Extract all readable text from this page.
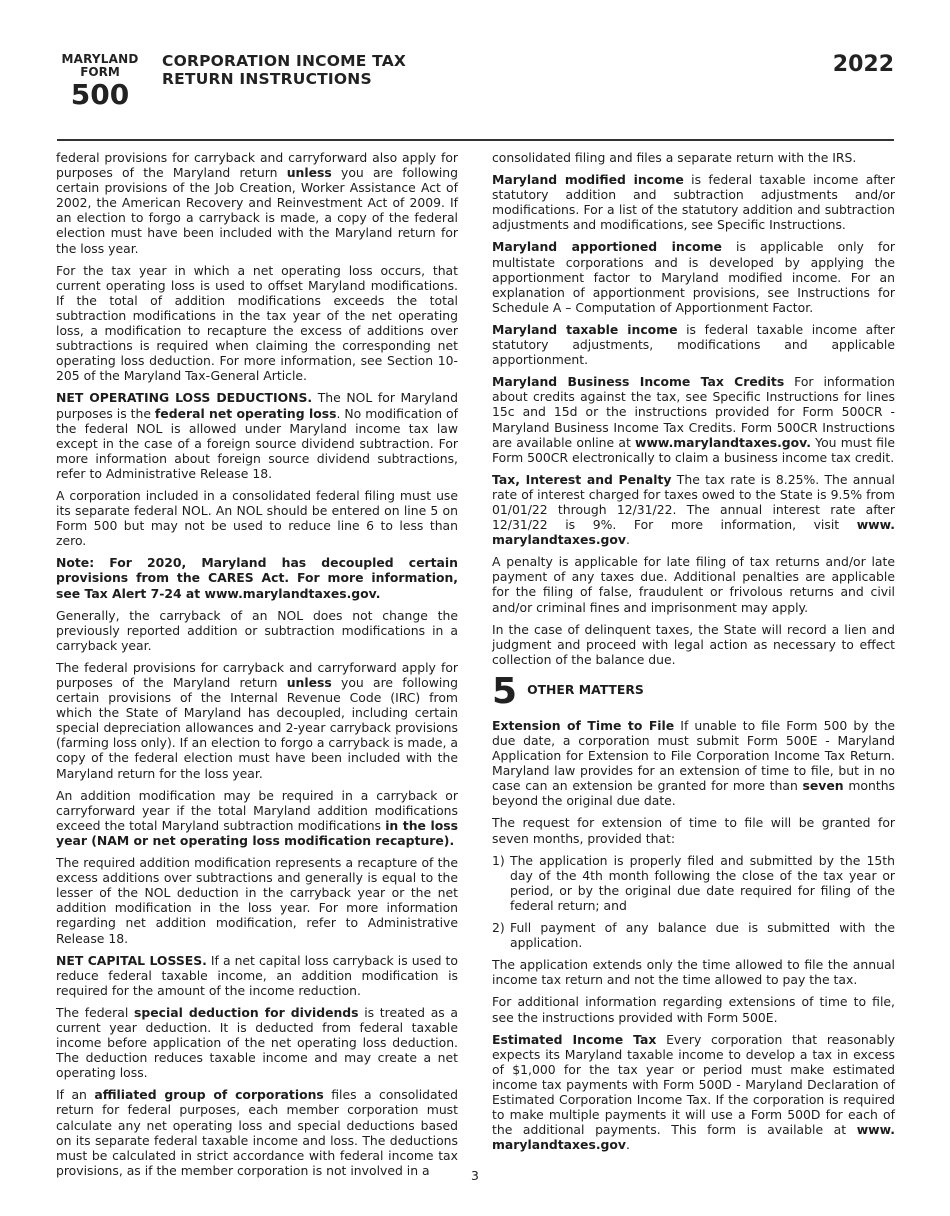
MARYLAND
FORM
500
CORPORATION INCOME TAX
RETURN INSTRUCTIONS
2022

federal provisions for carryback and carryforward also apply for purposes of the Maryland return unless you are following certain provisions of the Job Creation, Worker Assistance Act of 2002, the American Recovery and Reinvestment Act of 2009. If an election to forgo a carryback is made, a copy of the federal election must have been included with the Maryland return for the loss year.

For the tax year in which a net operating loss occurs, that current operating loss is used to offset Maryland modifications. If the total of addition modifications exceeds the total subtraction modifications in the tax year of the net operating loss, a modification to recapture the excess of additions over subtractions is required when claiming the corresponding net operating loss deduction. For more information, see Section 10-205 of the Maryland Tax-General Article.

NET OPERATING LOSS DEDUCTIONS. The NOL for Maryland purposes is the federal net operating loss. No modification of the federal NOL is allowed under Maryland income tax law except in the case of a foreign source dividend subtraction. For more information about foreign source dividend subtractions, refer to Administrative Release 18.

A corporation included in a consolidated federal filing must use its separate federal NOL. An NOL should be entered on line 5 on Form 500 but may not be used to reduce line 6 to less than zero.

Note: For 2020, Maryland has decoupled certain provisions from the CARES Act. For more information, see Tax Alert 7-24 at www.marylandtaxes.gov.

Generally, the carryback of an NOL does not change the previously reported addition or subtraction modifications in a carryback year.

The federal provisions for carryback and carryforward apply for purposes of the Maryland return unless you are following certain provisions of the Internal Revenue Code (IRC) from which the State of Maryland has decoupled, including certain special depreciation allowances and 2-year carryback provisions (farming loss only). If an election to forgo a carryback is made, a copy of the federal election must have been included with the Maryland return for the loss year.

An addition modification may be required in a carryback or carryforward year if the total Maryland addition modifications exceed the total Maryland subtraction modifications in the loss year (NAM or net operating loss modification recapture).

The required addition modification represents a recapture of the excess additions over subtractions and generally is equal to the lesser of the NOL deduction in the carryback year or the net addition modification in the loss year. For more information regarding net addition modification, refer to Administrative Release 18.

NET CAPITAL LOSSES. If a net capital loss carryback is used to reduce federal taxable income, an addition modification is required for the amount of the income reduction.

The federal special deduction for dividends is treated as a current year deduction. It is deducted from federal taxable income before application of the net operating loss deduction. The deduction reduces taxable income and may create a net operating loss.

If an affiliated group of corporations files a consolidated return for federal purposes, each member corporation must calculate any net operating loss and special deductions based on its separate federal taxable income and loss. The deductions must be calculated in strict accordance with federal income tax provisions, as if the member corporation is not involved in a

consolidated filing and files a separate return with the IRS.

Maryland modified income is federal taxable income after statutory addition and subtraction adjustments and/or modifications. For a list of the statutory addition and subtraction adjustments and modifications, see Specific Instructions.

Maryland apportioned income is applicable only for multistate corporations and is developed by applying the apportionment factor to Maryland modified income. For an explanation of apportionment provisions, see Instructions for Schedule A – Computation of Apportionment Factor.

Maryland taxable income is federal taxable income after statutory adjustments, modifications and applicable apportionment.

Maryland Business Income Tax Credits For information about credits against the tax, see Specific Instructions for lines 15c and 15d or the instructions provided for Form 500CR - Maryland Business Income Tax Credits. Form 500CR Instructions are available online at www.marylandtaxes.gov. You must file Form 500CR electronically to claim a business income tax credit.

Tax, Interest and Penalty The tax rate is 8.25%. The annual rate of interest charged for taxes owed to the State is 9.5% from 01/01/22 through 12/31/22. The annual interest rate after 12/31/22 is 9%. For more information, visit www. marylandtaxes.gov.

A penalty is applicable for late filing of tax returns and/or late payment of any taxes due. Additional penalties are applicable for the filing of false, fraudulent or frivolous returns and civil and/or criminal fines and imprisonment may apply.

In the case of delinquent taxes, the State will record a lien and judgment and proceed with legal action as necessary to effect collection of the balance due.

5 OTHER MATTERS

Extension of Time to File If unable to file Form 500 by the due date, a corporation must submit Form 500E - Maryland Application for Extension to File Corporation Income Tax Return. Maryland law provides for an extension of time to file, but in no case can an extension be granted for more than seven months beyond the original due date.

The request for extension of time to file will be granted for seven months, provided that:

1) The application is properly filed and submitted by the 15th day of the 4th month following the close of the tax year or period, or by the original due date required for filing of the federal return; and
2) Full payment of any balance due is submitted with the application.

The application extends only the time allowed to file the annual income tax return and not the time allowed to pay the tax.

For additional information regarding extensions of time to file, see the instructions provided with Form 500E.

Estimated Income Tax Every corporation that reasonably expects its Maryland taxable income to develop a tax in excess of $1,000 for the tax year or period must make estimated income tax payments with Form 500D - Maryland Declaration of Estimated Corporation Income Tax. If the corporation is required to make multiple payments it will use a Form 500D for each of the additional payments. This form is available at www. marylandtaxes.gov.

3
